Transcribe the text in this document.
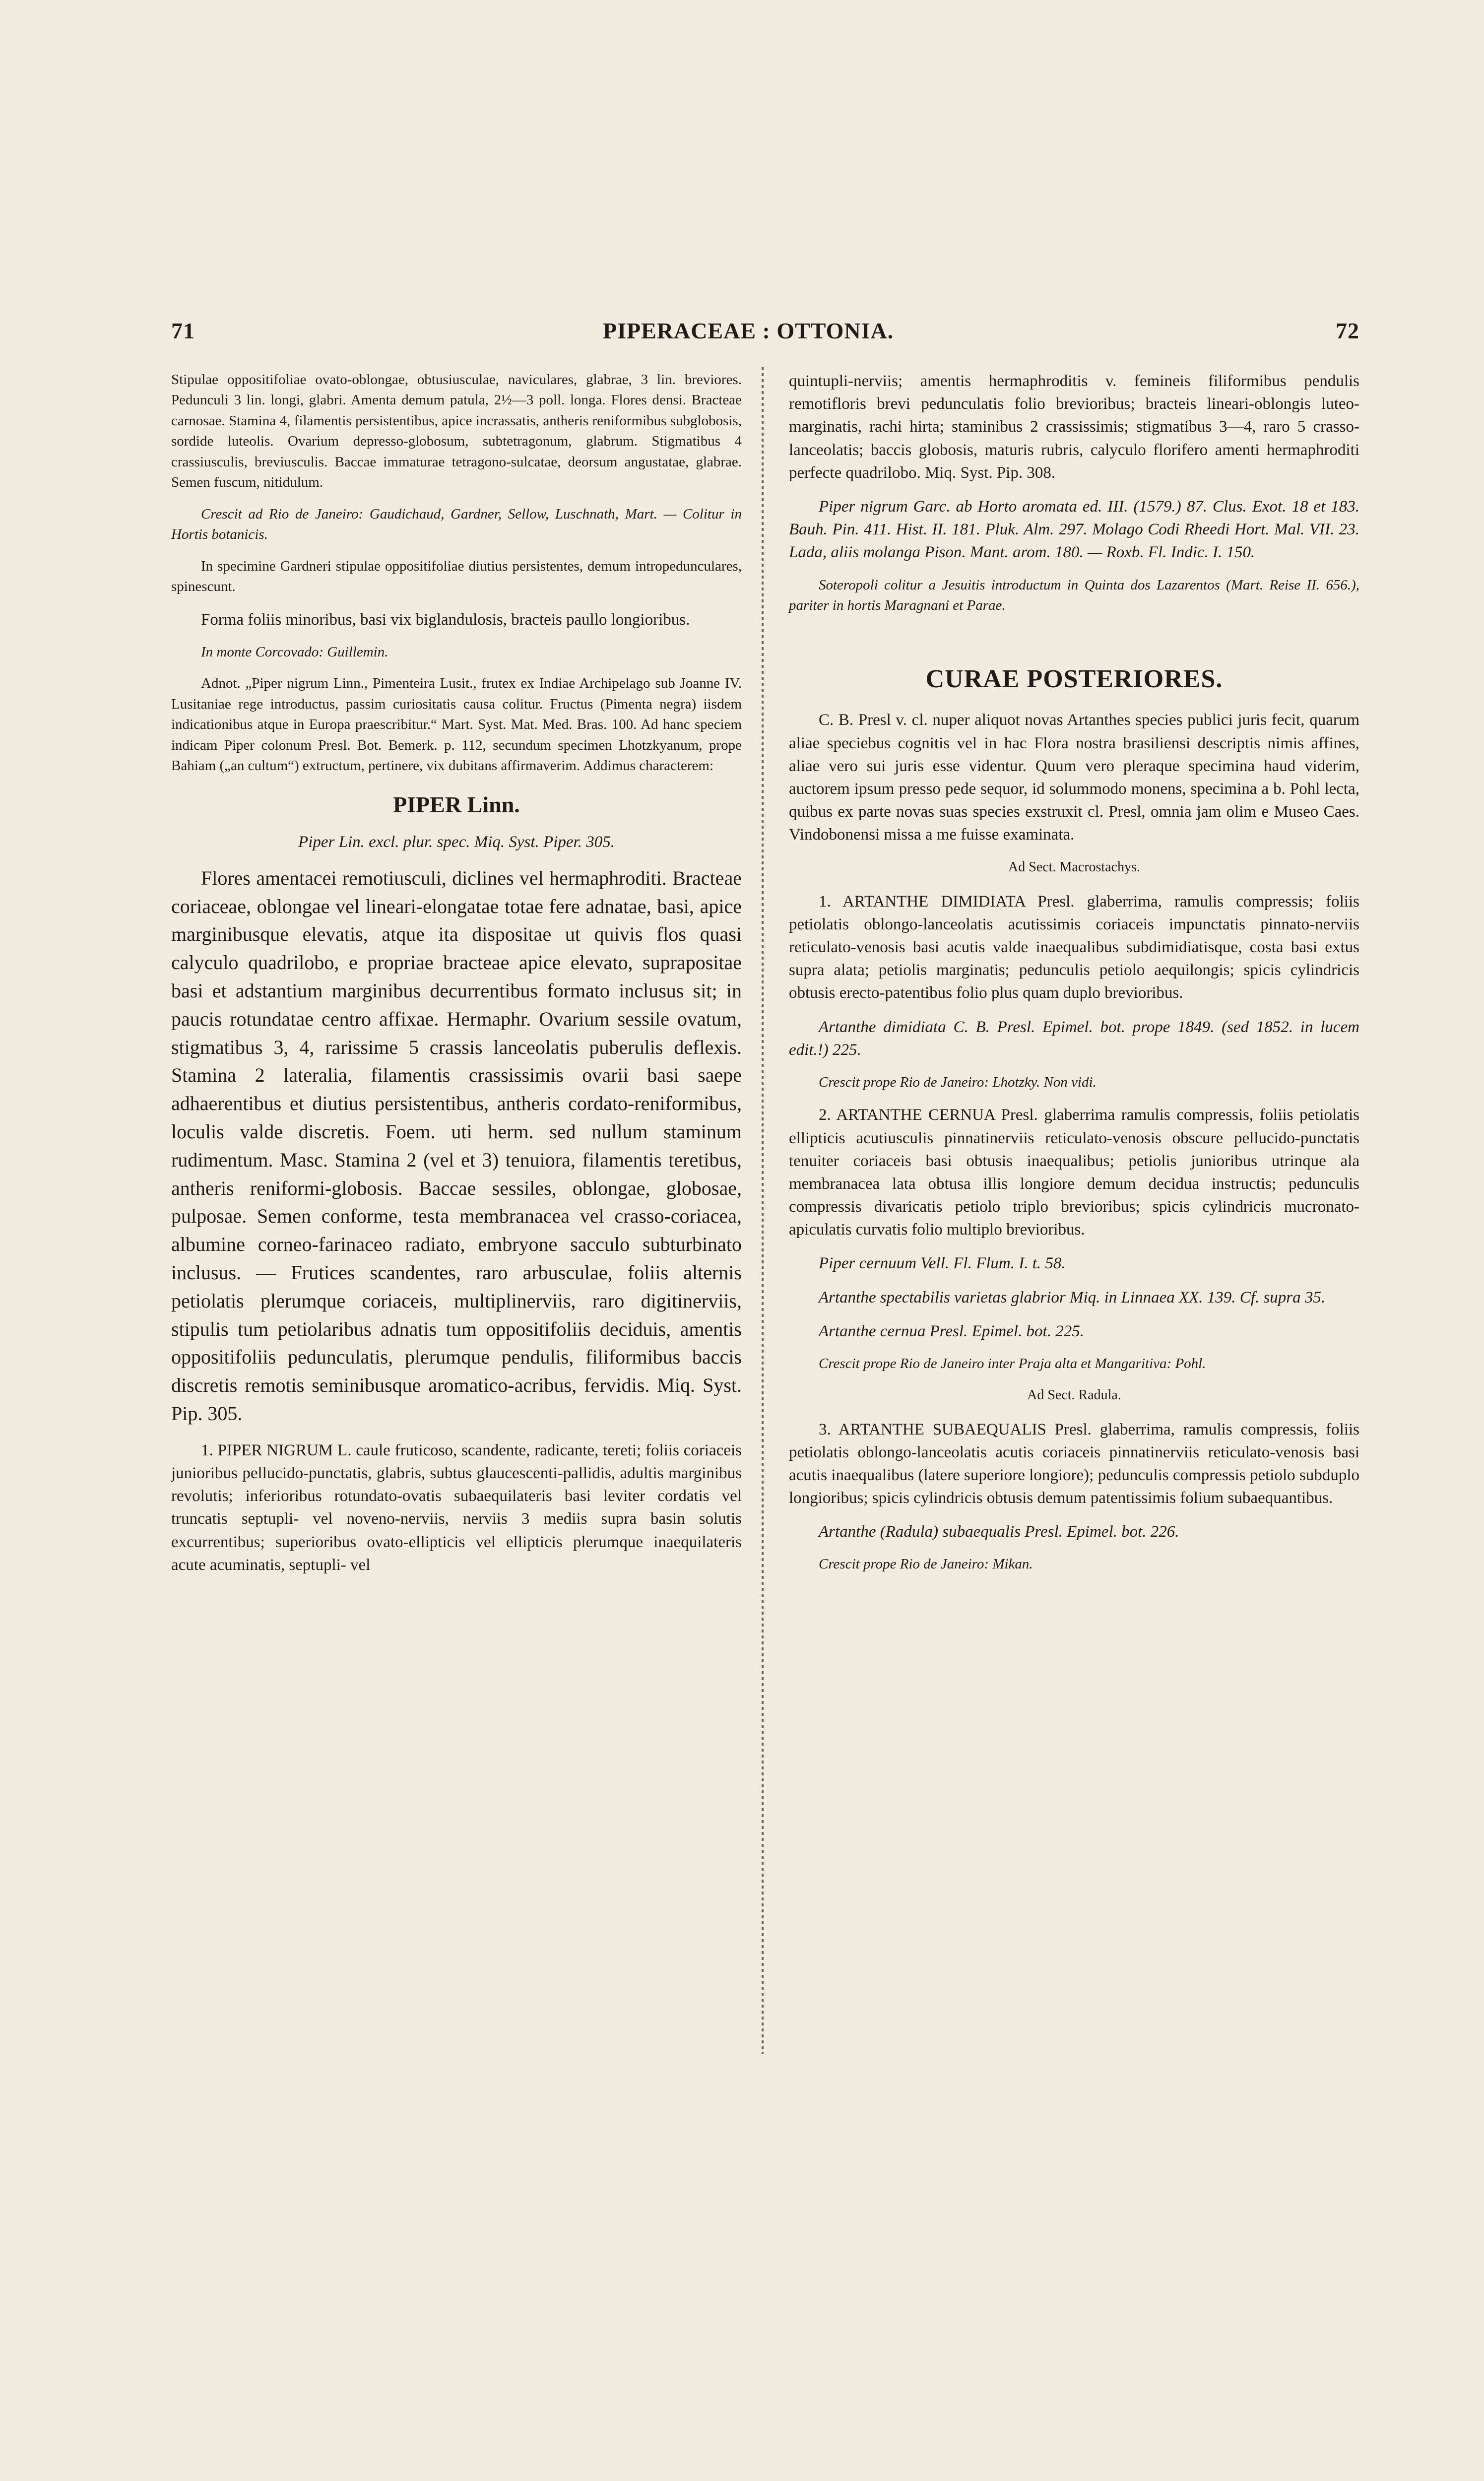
71	PIPERACEAE : OTTONIA.	72

Stipulae oppositifoliae ovato-oblongae, obtusiusculae, naviculares, glabrae, 3 lin. breviores. Pedunculi 3 lin. longi, glabri. Amenta demum patula, 2½—3 poll. longa. Flores densi. Bracteae carnosae. Stamina 4, filamentis persistentibus, apice incrassatis, antheris reniformibus subglobosis, sordide luteolis. Ovarium depresso-globosum, subtetragonum, glabrum. Stigmatibus 4 crassiusculis, breviusculis. Baccae immaturae tetragono-sulcatae, deorsum angustatae, glabrae. Semen fuscum, nitidulum.

Crescit ad Rio de Janeiro: Gaudichaud, Gardner, Sellow, Luschnath, Mart. — Colitur in Hortis botanicis.

In specimine Gardneri stipulae oppositifoliae diutius persistentes, demum intropedunculares, spinescunt.

Forma foliis minoribus, basi vix biglandulosis, bracteis paullo longioribus.

In monte Corcovado: Guillemin.

Adnot. „Piper nigrum Linn., Pimenteira Lusit., frutex ex Indiae Archipelago sub Joanne IV. Lusitaniae rege introductus, passim curiositatis causa colitur. Fructus (Pimenta negra) iisdem indicationibus atque in Europa praescribitur.“ Mart. Syst. Mat. Med. Bras. 100. Ad hanc speciem indicam Piper colonum Presl. Bot. Bemerk. p. 112, secundum specimen Lhotzkyanum, prope Bahiam („an cultum“) extructum, pertinere, vix dubitans affirmaverim. Addimus characterem:

PIPER Linn.

Piper Lin. excl. plur. spec. Miq. Syst. Piper. 305.

Flores amentacei remotiusculi, diclines vel hermaphroditi. Bracteae coriaceae, oblongae vel lineari-elongatae totae fere adnatae, basi, apice marginibusque elevatis, atque ita dispositae ut quivis flos quasi calyculo quadrilobo, e propriae bracteae apice elevato, suprapositae basi et adstantium marginibus decurrentibus formato inclusus sit; in paucis rotundatae centro affixae. Hermaphr. Ovarium sessile ovatum, stigmatibus 3, 4, rarissime 5 crassis lanceolatis puberulis deflexis. Stamina 2 lateralia, filamentis crassissimis ovarii basi saepe adhaerentibus et diutius persistentibus, antheris cordato-reniformibus, loculis valde discretis. Foem. uti herm. sed nullum staminum rudimentum. Masc. Stamina 2 (vel et 3) tenuiora, filamentis teretibus, antheris reniformi-globosis. Baccae sessiles, oblongae, globosae, pulposae. Semen conforme, testa membranacea vel crasso-coriacea, albumine corneo-farinaceo radiato, embryone sacculo subturbinato inclusus. — Frutices scandentes, raro arbusculae, foliis alternis petiolatis plerumque coriaceis, multiplinerviis, raro digitinerviis, stipulis tum petiolaribus adnatis tum oppositifoliis deciduis, amentis oppositifoliis pedunculatis, plerumque pendulis, filiformibus baccis discretis remotis seminibusque aromatico-acribus, fervidis. Miq. Syst. Pip. 305.

1. PIPER NIGRUM L. caule fruticoso, scandente, radicante, tereti; foliis coriaceis junioribus pellucido-punctatis, glabris, subtus glaucescenti-pallidis, adultis marginibus revolutis; inferioribus rotundato-ovatis subaequilateris basi leviter cordatis vel truncatis septupli- vel noveno-nerviis, nerviis 3 mediis supra basin solutis excurrentibus; superioribus ovato-ellipticis vel ellipticis plerumque inaequilateris acute acuminatis, septupli- vel

quintupli-nerviis; amentis hermaphroditis v. femineis filiformibus pendulis remotifloris brevi pedunculatis folio brevioribus; bracteis lineari-oblongis luteo-marginatis, rachi hirta; staminibus 2 crassissimis; stigmatibus 3—4, raro 5 crasso-lanceolatis; baccis globosis, maturis rubris, calyculo florifero amenti hermaphroditi perfecte quadrilobo. Miq. Syst. Pip. 308.

Piper nigrum Garc. ab Horto aromata ed. III. (1579.) 87. Clus. Exot. 18 et 183. Bauh. Pin. 411. Hist. II. 181. Pluk. Alm. 297. Molago Codi Rheedi Hort. Mal. VII. 23. Lada, aliis molanga Pison. Mant. arom. 180. — Roxb. Fl. Indic. I. 150.

Soteropoli colitur a Jesuitis introductum in Quinta dos Lazarentos (Mart. Reise II. 656.), pariter in hortis Maragnani et Parae.

CURAE POSTERIORES.

C. B. Presl v. cl. nuper aliquot novas Artanthes species publici juris fecit, quarum aliae speciebus cognitis vel in hac Flora nostra brasiliensi descriptis nimis affines, aliae vero sui juris esse videntur. Quum vero pleraque specimina haud viderim, auctorem ipsum presso pede sequor, id solummodo monens, specimina a b. Pohl lecta, quibus ex parte novas suas species exstruxit cl. Presl, omnia jam olim e Museo Caes. Vindobonensi missa a me fuisse examinata.

Ad Sect. Macrostachys.

1. ARTANTHE DIMIDIATA Presl. glaberrima, ramulis compressis; foliis petiolatis oblongo-lanceolatis acutissimis coriaceis impunctatis pinnato-nerviis reticulato-venosis basi acutis valde inaequalibus subdimidiatisque, costa basi extus supra alata; petiolis marginatis; pedunculis petiolo aequilongis; spicis cylindricis obtusis erecto-patentibus folio plus quam duplo brevioribus.

Artanthe dimidiata C. B. Presl. Epimel. bot. prope 1849. (sed 1852. in lucem edit.!) 225.

Crescit prope Rio de Janeiro: Lhotzky. Non vidi.

2. ARTANTHE CERNUA Presl. glaberrima ramulis compressis, foliis petiolatis ellipticis acutiusculis pinnatinerviis reticulato-venosis obscure pellucido-punctatis tenuiter coriaceis basi obtusis inaequalibus; petiolis junioribus utrinque ala membranacea lata obtusa illis longiore demum decidua instructis; pedunculis compressis divaricatis petiolo triplo brevioribus; spicis cylindricis mucronato-apiculatis curvatis folio multiplo brevioribus.

Piper cernuum Vell. Fl. Flum. I. t. 58.

Artanthe spectabilis varietas glabrior Miq. in Linnaea XX. 139. Cf. supra 35.

Artanthe cernua Presl. Epimel. bot. 225.

Crescit prope Rio de Janeiro inter Praja alta et Mangaritiva: Pohl.

Ad Sect. Radula.

3. ARTANTHE SUBAEQUALIS Presl. glaberrima, ramulis compressis, foliis petiolatis oblongo-lanceolatis acutis coriaceis pinnatinerviis reticulato-venosis basi acutis inaequalibus (latere superiore longiore); pedunculis compressis petiolo subduplo longioribus; spicis cylindricis obtusis demum patentissimis folium subaequantibus.

Artanthe (Radula) subaequalis Presl. Epimel. bot. 226.

Crescit prope Rio de Janeiro: Mikan.
